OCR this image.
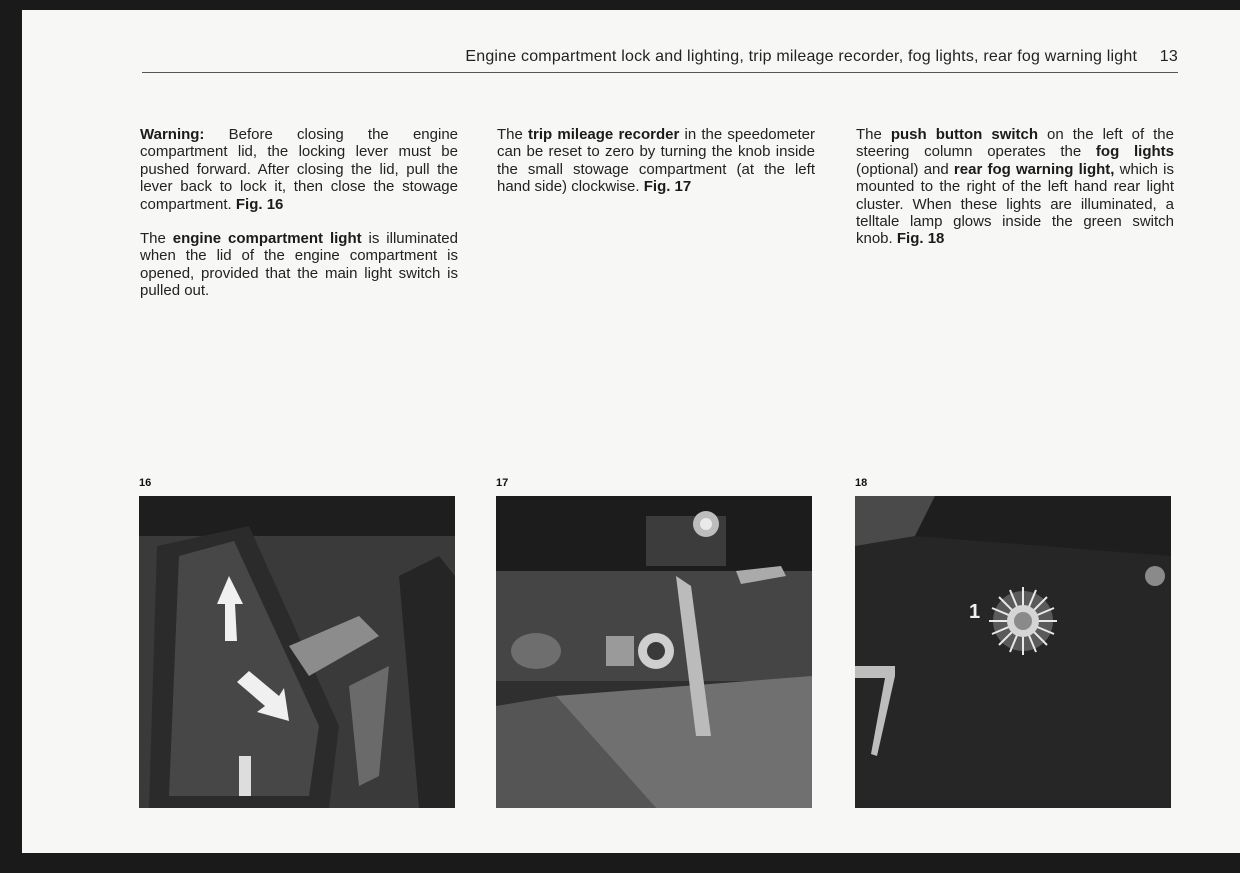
Engine compartment lock and lighting, trip mileage recorder, fog lights, rear fog warning light 13

Warning: Before closing the engine compartment lid, the locking lever must be pushed forward. After closing the lid, pull the lever back to lock it, then close the stowage compartment. Fig. 16

The engine compartment light is illuminated when the lid of the engine compartment is opened, provided that the main light switch is pulled out.

The trip mileage recorder in the speedometer can be reset to zero by turning the knob inside the small stowage compartment (at the left hand side) clockwise. Fig. 17

The push button switch on the left of the steering column operates the fog lights (optional) and rear fog warning light, which is mounted to the right of the left hand rear light cluster. When these lights are illuminated, a telltale lamp glows inside the green switch knob. Fig. 18

16	17	18
1
